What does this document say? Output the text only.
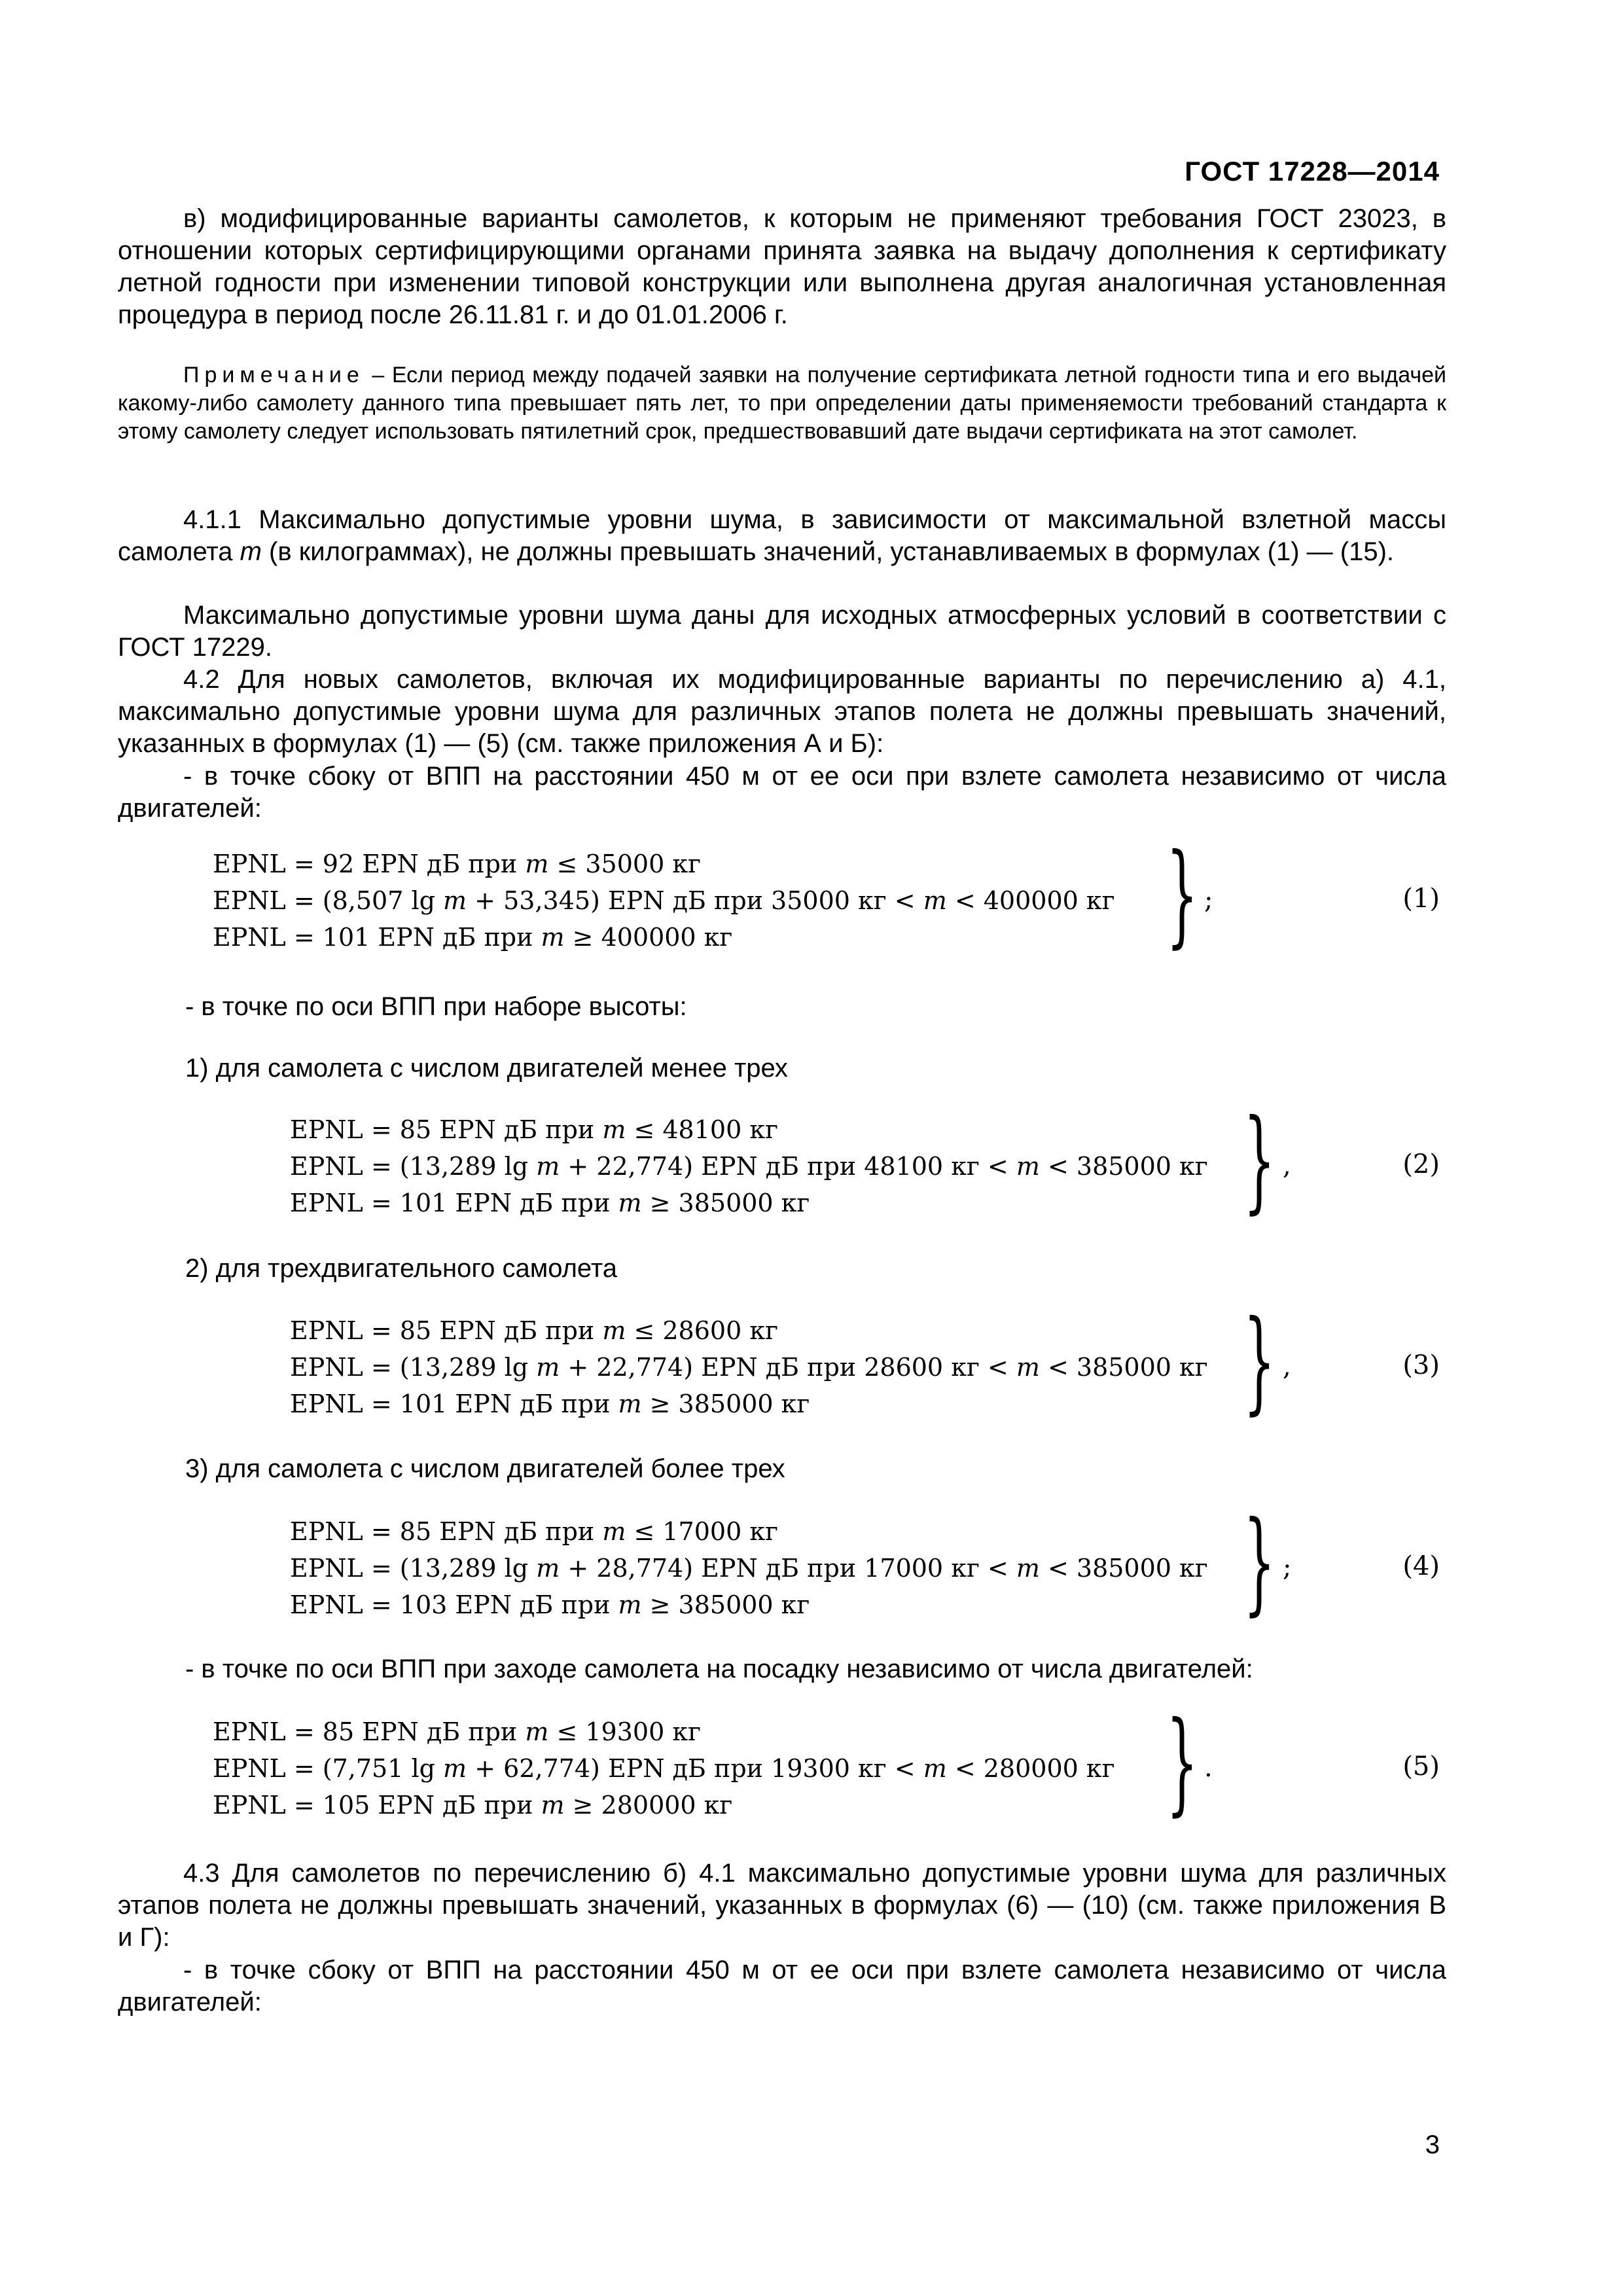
ГОСТ 17228—2014
в) модифицированные варианты самолетов, к которым не применяют требования ГОСТ 23023, в отношении которых сертифицирующими органами принята заявка на выдачу дополнения к сертификату летной годности при изменении типовой конструкции или выполнена другая аналогичная установленная процедура в период после 26.11.81 г. и до 01.01.2006 г.
Примечание – Если период между подачей заявки на получение сертификата летной годности типа и его выдачей какому-либо самолету данного типа превышает пять лет, то при определении даты применяемости требований стандарта к этому самолету следует использовать пятилетний срок, предшествовавший дате выдачи сертификата на этот самолет.
4.1.1 Максимально допустимые уровни шума, в зависимости от максимальной взлетной массы самолета m (в килограммах), не должны превышать значений, устанавливаемых в формулах (1) — (15).
Максимально допустимые уровни шума даны для исходных атмосферных условий в соответствии с ГОСТ 17229.
4.2 Для новых самолетов, включая их модифицированные варианты по перечислению а) 4.1, максимально допустимые уровни шума для различных этапов полета не должны превышать значений, указанных в формулах (1) — (5) (см. также приложения А и Б):
- в точке сбоку от ВПП на расстоянии 450 м от ее оси при взлете самолета независимо от числа двигателей:
EPNL = 92 EPN дБ при m ≤ 35000 кг
EPNL = (8,507 lg m + 53,345) EPN дБ при 35000 кг < m < 400000 кг
EPNL = 101 EPN дБ при m ≥ 400000 кг	} ;	(1)
- в точке по оси ВПП при наборе высоты:
1) для самолета с числом двигателей менее трех
EPNL = 85 EPN дБ при m ≤ 48100 кг
EPNL = (13,289 lg m + 22,774) EPN дБ при 48100 кг < m < 385000 кг
EPNL = 101 EPN дБ при m ≥ 385000 кг	} ,	(2)
2) для трехдвигательного самолета
EPNL = 85 EPN дБ при m ≤ 28600 кг
EPNL = (13,289 lg m + 22,774) EPN дБ при 28600 кг < m < 385000 кг
EPNL = 101 EPN дБ при m ≥ 385000 кг	} ,	(3)
3) для самолета с числом двигателей более трех
EPNL = 85 EPN дБ при m ≤ 17000 кг
EPNL = (13,289 lg m + 28,774) EPN дБ при 17000 кг < m < 385000 кг
EPNL = 103 EPN дБ при m ≥ 385000 кг	} ;	(4)
- в точке по оси ВПП при заходе самолета на посадку независимо от числа двигателей:
EPNL = 85 EPN дБ при m ≤ 19300 кг
EPNL = (7,751 lg m + 62,774) EPN дБ при 19300 кг < m < 280000 кг
EPNL = 105 EPN дБ при m ≥ 280000 кг	} .	(5)
4.3 Для самолетов по перечислению б) 4.1 максимально допустимые уровни шума для различных этапов полета не должны превышать значений, указанных в формулах (6) — (10) (см. также приложения В и Г):
- в точке сбоку от ВПП на расстоянии 450 м от ее оси при взлете самолета независимо от числа двигателей:
3
